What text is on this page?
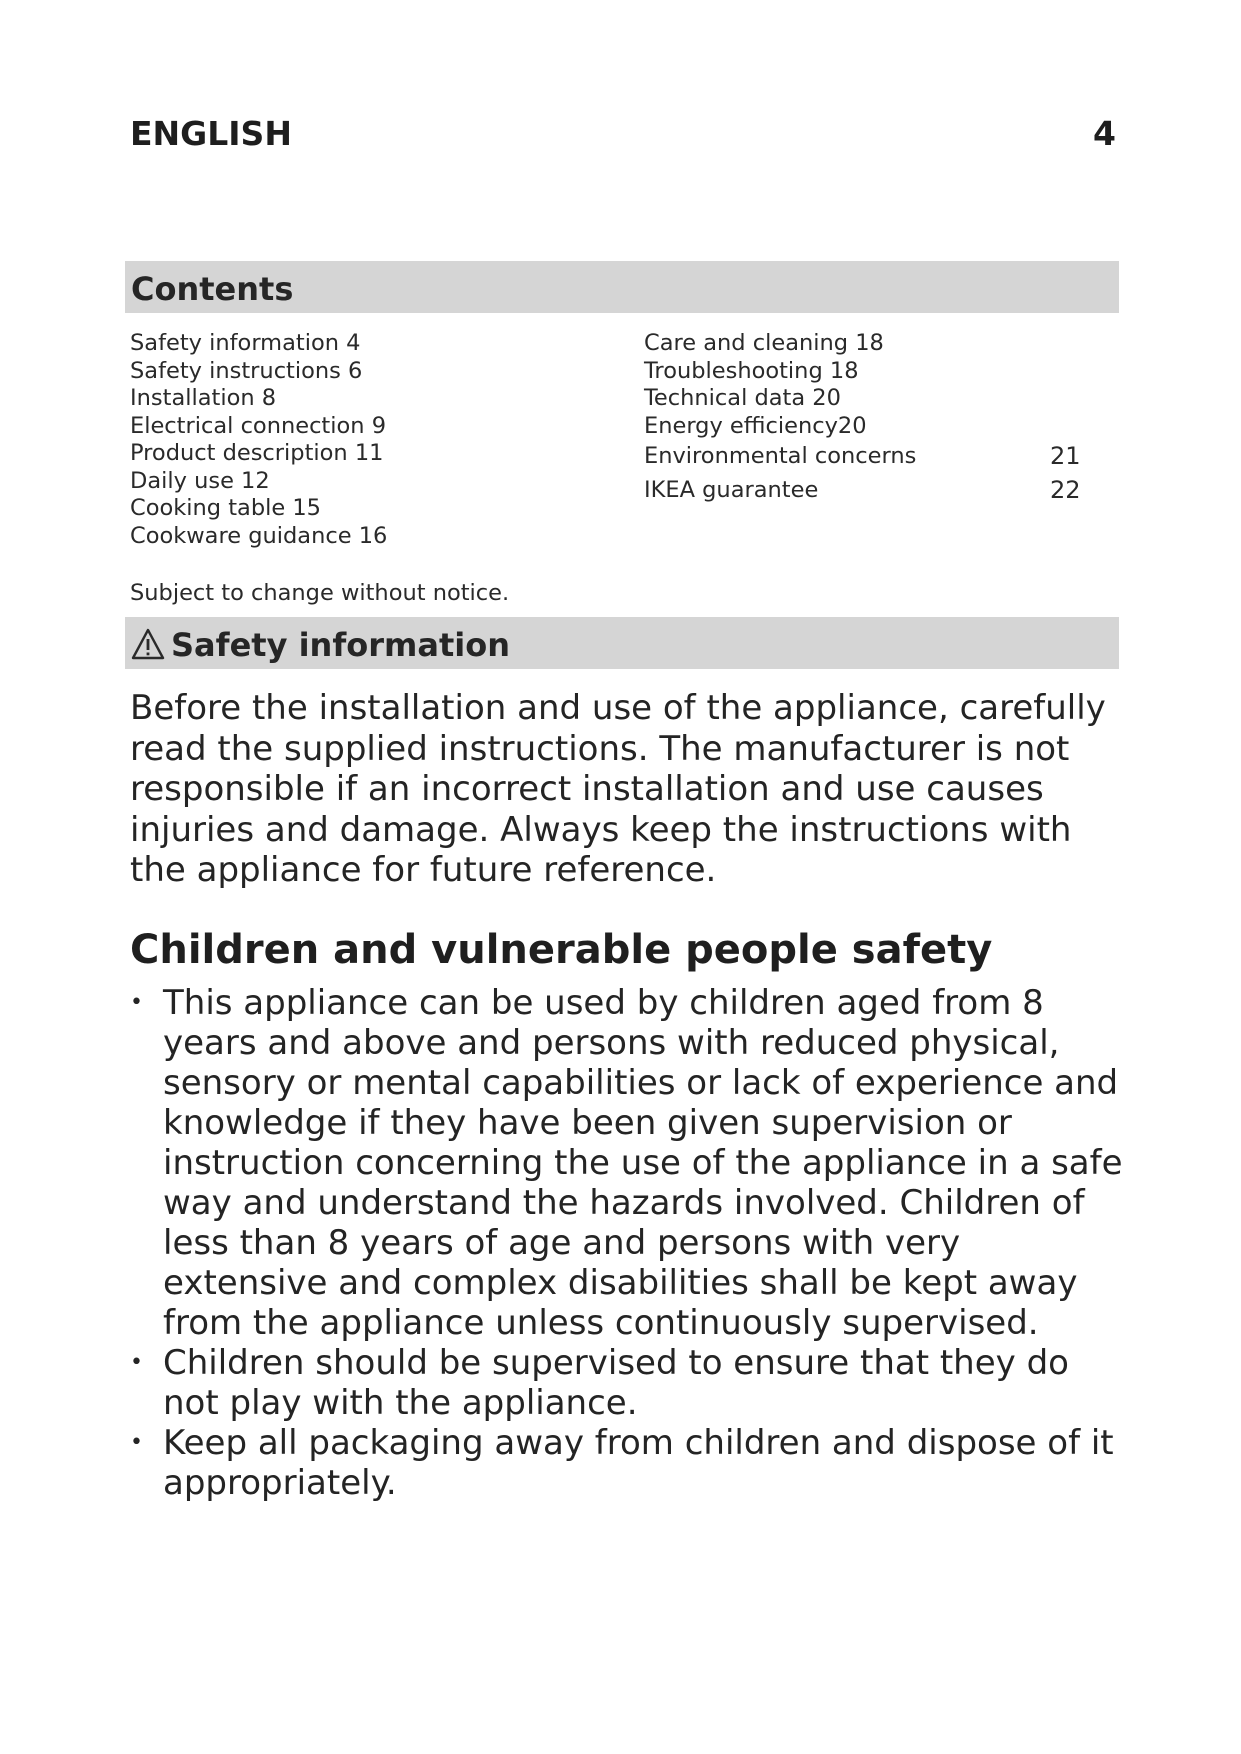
ENGLISH	4
Contents
Safety information 4
Safety instructions 6
Installation 8
Electrical connection 9
Product description 11
Daily use 12
Cooking table 15
Cookware guidance 16
Care and cleaning 18
Troubleshooting 18
Technical data 20
Energy efficiency20
Environmental concerns	21
IKEA guarantee	22
Subject to change without notice.
Safety information

Before the installation and use of the appliance, carefully read the supplied instructions. The manufacturer is not responsible if an incorrect installation and use causes injuries and damage. Always keep the instructions with the appliance for future reference.

Children and vulnerable people safety
• This appliance can be used by children aged from 8 years and above and persons with reduced physical, sensory or mental capabilities or lack of experience and knowledge if they have been given supervision or instruction concerning the use of the appliance in a safe way and understand the hazards involved. Children of less than 8 years of age and persons with very extensive and complex disabilities shall be kept away from the appliance unless continuously supervised.
• Children should be supervised to ensure that they do not play with the appliance.
• Keep all packaging away from children and dispose of it appropriately.
